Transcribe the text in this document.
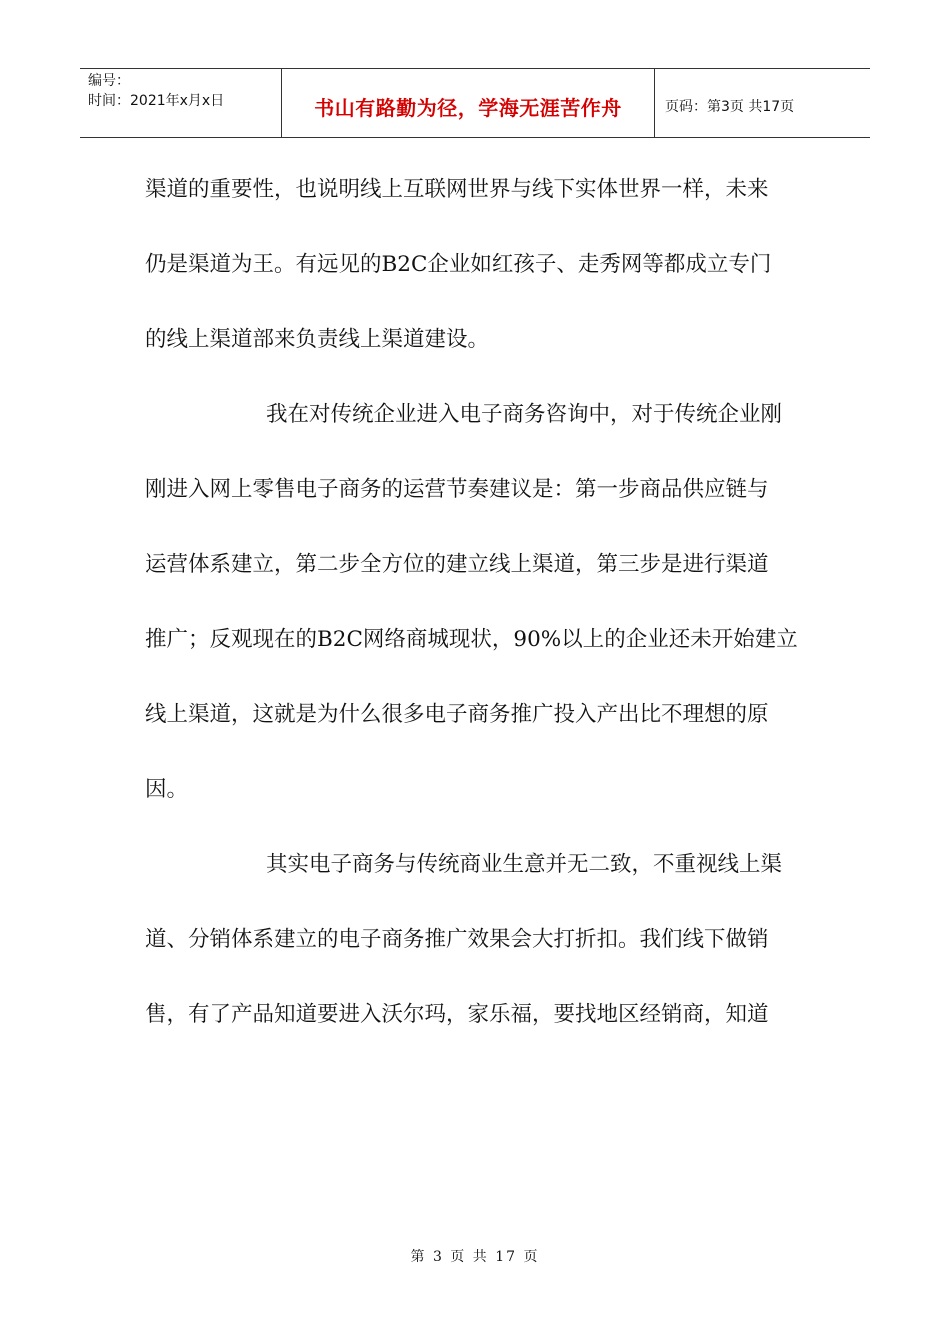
编号：
时间：2021年x月x日	书山有路勤为径，学海无涯苦作舟	页码：第3页 共17页

渠道的重要性，也说明线上互联网世界与线下实体世界一样，未来
仍是渠道为王。有远见的B2C企业如红孩子、走秀网等都成立专门
的线上渠道部来负责线上渠道建设。

我在对传统企业进入电子商务咨询中，对于传统企业刚
刚进入网上零售电子商务的运营节奏建议是：第一步商品供应链与
运营体系建立，第二步全方位的建立线上渠道，第三步是进行渠道
推广；反观现在的B2C网络商城现状，90%以上的企业还未开始建立
线上渠道，这就是为什么很多电子商务推广投入产出比不理想的原
因。

其实电子商务与传统商业生意并无二致，不重视线上渠
道、分销体系建立的电子商务推广效果会大打折扣。我们线下做销
售，有了产品知道要进入沃尔玛，家乐福，要找地区经销商，知道

第 3 页 共 17 页
